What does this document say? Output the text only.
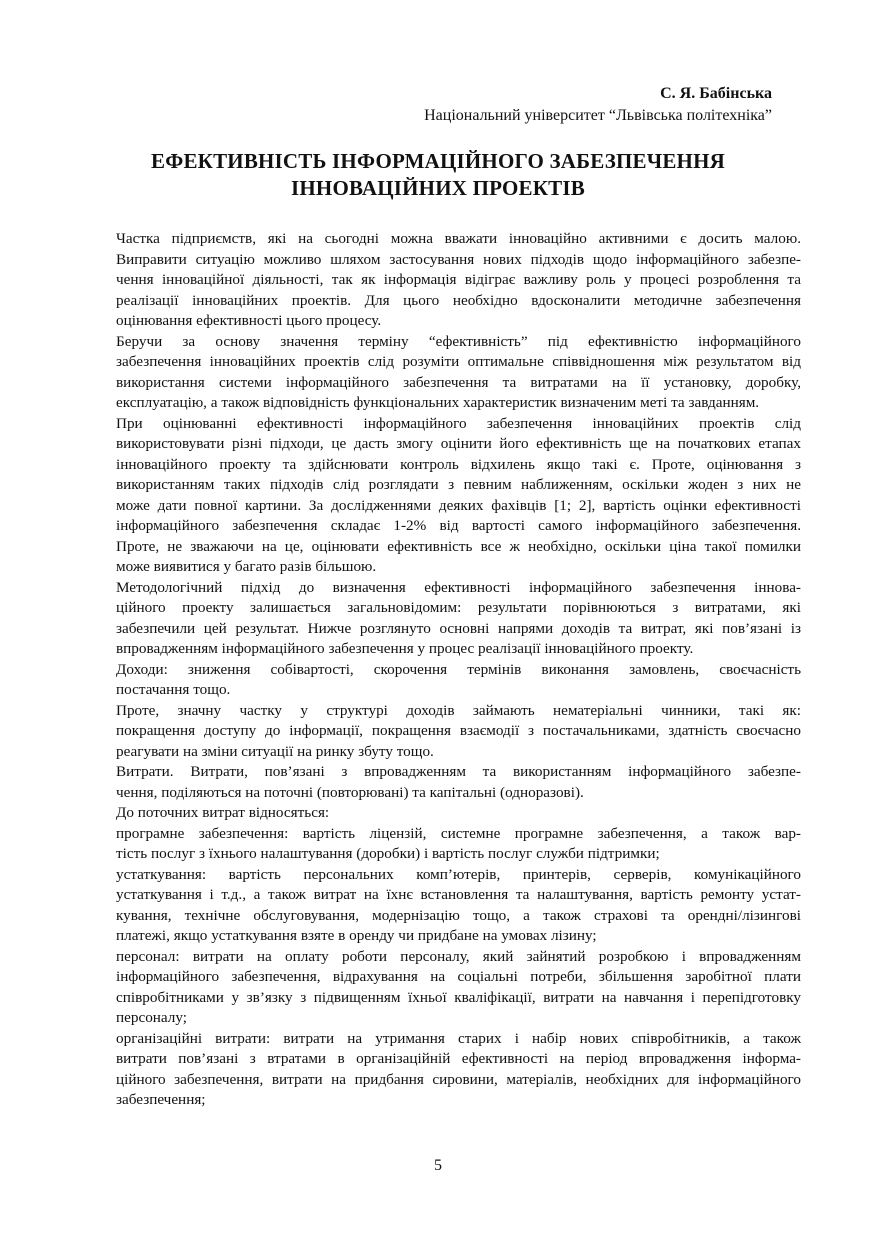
С. Я. Бабінська
Національний університет “Львівська політехніка”
ЕФЕКТИВНІСТЬ ІНФОРМАЦІЙНОГО ЗАБЕЗПЕЧЕННЯ
ІННОВАЦІЙНИХ ПРОЕКТІВ

Частка підприємств, які на сьогодні можна вважати інноваційно активними є досить малою.
Виправити ситуацію можливо шляхом застосування нових підходів щодо інформаційного забезпе-
чення інноваційної діяльності, так як інформація відіграє важливу роль у процесі розроблення та
реалізації інноваційних проектів. Для цього необхідно вдосконалити методичне забезпечення
оцінювання ефективності цього процесу.

Беручи за основу значення терміну “ефективність” під ефективністю інформаційного
забезпечення інноваційних проектів слід розуміти оптимальне співвідношення між результатом від
використання системи інформаційного забезпечення та витратами на її установку, доробку,
експлуатацію, а також відповідність функціональних характеристик визначеним меті та завданням.

При оцінюванні ефективності інформаційного забезпечення інноваційних проектів слід
використовувати різні підходи, це дасть змогу оцінити його ефективність ще на початкових етапах
інноваційного проекту та здійснювати контроль відхилень якщо такі є. Проте, оцінювання з
використанням таких підходів слід розглядати з певним наближенням, оскільки жоден з них не
може дати повної картини. За дослідженнями деяких фахівців [1; 2], вартість оцінки ефективності
інформаційного забезпечення складає 1-2% від вартості самого інформаційного забезпечення.
Проте, не зважаючи на це, оцінювати ефективність все ж необхідно, оскільки ціна такої помилки
може виявитися у багато разів більшою.

Методологічний підхід до визначення ефективності інформаційного забезпечення іннова-
ційного проекту залишається загальновідомим: результати порівнюються з витратами, які
забезпечили цей результат. Нижче розглянуто основні напрями доходів та витрат, які пов’язані із
впровадженням інформаційного забезпечення у процес реалізації інноваційного проекту.

Доходи: зниження собівартості, скорочення термінів виконання замовлень, своєчасність
постачання тощо.

Проте, значну частку у структурі доходів займають нематеріальні чинники, такі як:
покращення доступу до інформації, покращення взаємодії з постачальниками, здатність своєчасно
реагувати на зміни ситуації на ринку збуту тощо.

Витрати. Витрати, пов’язані з впровадженням та використанням інформаційного забезпе-
чення, поділяються на поточні (повторювані) та капітальні (одноразові).

До поточних витрат відносяться:

програмне забезпечення: вартість ліцензій, системне програмне забезпечення, а також вар-
тість послуг з їхнього налаштування (доробки) і вартість послуг служби підтримки;

устаткування: вартість персональних комп’ютерів, принтерів, серверів, комунікаційного
устаткування і т.д., а також витрат на їхнє встановлення та налаштування, вартість ремонту устат-
кування, технічне обслуговування, модернізацію тощо, а також страхові та орендні/лізингові
платежі, якщо устаткування взяте в оренду чи придбане на умовах лізину;

персонал: витрати на оплату роботи персоналу, який зайнятий розробкою і впровадженням
інформаційного забезпечення, відрахування на соціальні потреби, збільшення заробітної плати
співробітниками у зв’язку з підвищенням їхньої кваліфікації, витрати на навчання і перепідготовку
персоналу;

організаційні витрати: витрати на утримання старих і набір нових співробітників, а також
витрати пов’язані з втратами в організаційній ефективності на період впровадження інформа-
ційного забезпечення, витрати на придбання сировини, матеріалів, необхідних для інформаційного
забезпечення;

5
